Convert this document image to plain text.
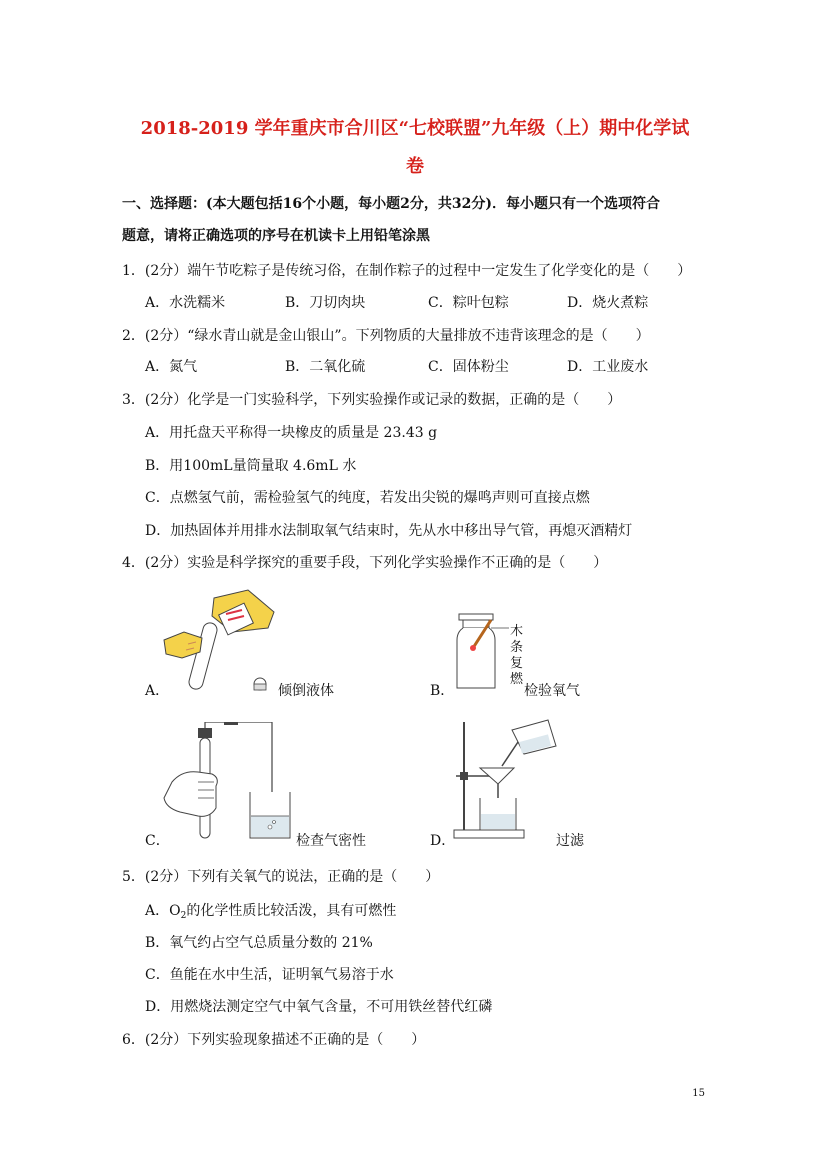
2018-2019 学年重庆市合川区“七校联盟”九年级（上）期中化学试
卷
一、选择题：(本大题包括16个小题，每小题2分，共32分)．每小题只有一个选项符合
题意，请将正确选项的序号在机读卡上用铅笔涂黑
1．(2分）端午节吃粽子是传统习俗，在制作粽子的过程中一定发生了化学变化的是（　　）
A．水洗糯米	B．刀切肉块	C．粽叶包粽	D．烧火煮粽
2．(2分）“绿水青山就是金山银山”。下列物质的大量排放不违背该理念的是（　　）
A．氮气	B．二氧化硫	C．固体粉尘	D．工业废水
3．(2分）化学是一门实验科学，下列实验操作或记录的数据，正确的是（　　）
A．用托盘天平称得一块橡皮的质量是 23.43 g
B．用100mL量筒量取 4.6mL 水
C．点燃氢气前，需检验氢气的纯度，若发出尖锐的爆鸣声则可直接点燃
D．加热固体并用排水法制取氧气结束时，先从水中移出导气管，再熄灭酒精灯
4．(2分）实验是科学探究的重要手段，下列化学实验操作不正确的是（　　）
A．	倾倒液体
木
条
复
燃
B．	检验氧气
C．	检查气密性	D．	过滤
5．(2分）下列有关氧气的说法，正确的是（　　）
A．$O_2$的化学性质比较活泼，具有可燃性
B．氧气约占空气总质量分数的 21%
C．鱼能在水中生活，证明氧气易溶于水
D．用燃烧法测定空气中氧气含量，不可用铁丝替代红磷
6．(2分）下列实验现象描述不正确的是（　　）
15
